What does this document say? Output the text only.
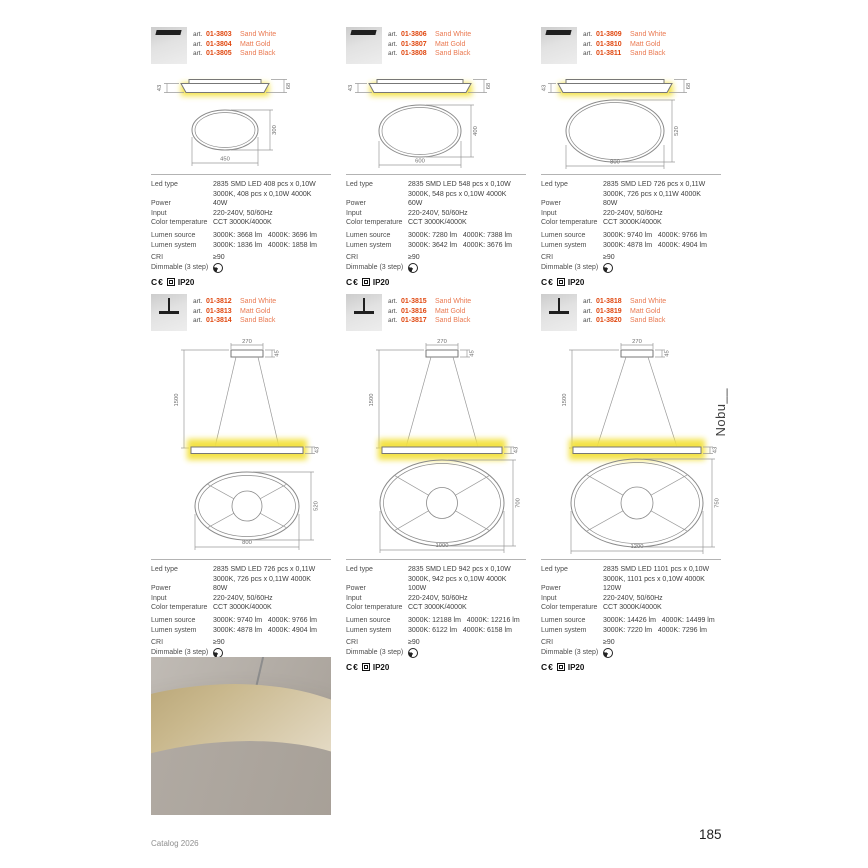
art. 01-3803	Sand White
art. 01-3804	Matt Gold
art. 01-3805	Sand Black
68
43
300
450
Led type	2835 SMD LED 408 pcs x 0,10W 3000K, 408 pcs x 0,10W 4000K
Power	40W
Input	220-240V, 50/60Hz
Color temperature CCT 3000K/4000K
Lumen source	3000K: 3668 lm   4000K: 3696 lm
Lumen system	3000K: 1836 lm   4000K: 1858 lm
CRI	≥90
Dimmable (3 step)
C€ IP20
art. 01-3806	Sand White
art. 01-3807	Matt Gold
art. 01-3808	Sand Black
68
43
400
600
Led type	2835 SMD LED 548 pcs x 0,10W 3000K, 548 pcs x 0,10W 4000K
Power	60W
Input	220-240V, 50/60Hz
Color temperature CCT 3000K/4000K
Lumen source	3000K: 7280 lm   4000K: 7388 lm
Lumen system	3000K: 3642 lm   4000K: 3676 lm
CRI	≥90
Dimmable (3 step)
C€ IP20
art. 01-3809	Sand White
art. 01-3810	Matt Gold
art. 01-3811	Sand Black
68
43
520
800
Led type	2835 SMD LED 726 pcs x 0,11W 3000K, 726 pcs x 0,11W 4000K
Power	80W
Input	220-240V, 50/60Hz
Color temperature CCT 3000K/4000K
Lumen source	3000K: 9740 lm   4000K: 9766 lm
Lumen system	3000K: 4878 lm   4000K: 4904 lm
CRI	≥90
Dimmable (3 step)
C€ IP20
art. 01-3812	Sand White
art. 01-3813	Matt Gold
art. 01-3814	Sand Black
270
45
1500
43
520
800
Led type	2835 SMD LED 726 pcs x 0,11W 3000K, 726 pcs x 0,11W 4000K
Power	80W
Input	220-240V, 50/60Hz
Color temperature CCT 3000K/4000K
Lumen source	3000K: 9740 lm   4000K: 9766 lm
Lumen system	3000K: 4878 lm   4000K: 4904 lm
CRI	≥90
Dimmable (3 step)
art. 01-3815	Sand White
art. 01-3816	Matt Gold
art. 01-3817	Sand Black
270
45
1500
43
700
1000
Led type	2835 SMD LED 942 pcs x 0,10W 3000K, 942 pcs x 0,10W 4000K
Power	100W
Input	220-240V, 50/60Hz
Color temperature CCT 3000K/4000K
Lumen source	3000K: 12188 lm   4000K: 12216 lm
Lumen system	3000K: 6122 lm   4000K: 6158 lm
CRI	≥90
Dimmable (3 step)
C€ IP20
art. 01-3818	Sand White
art. 01-3819	Matt Gold
art. 01-3820	Sand Black
270
45
1500
43
750
1200
Led type	2835 SMD LED 1101 pcs x 0,10W 3000K, 1101 pcs x 0,10W 4000K
Power	120W
Input	220-240V, 50/60Hz
Color temperature CCT 3000K/4000K
Lumen source	3000K: 14426 lm   4000K: 14499 lm
Lumen system	3000K: 7220 lm   4000K: 7296 lm
CRI	≥90
Dimmable (3 step)
C€ IP20
Nobu__
Catalog 2026
185
